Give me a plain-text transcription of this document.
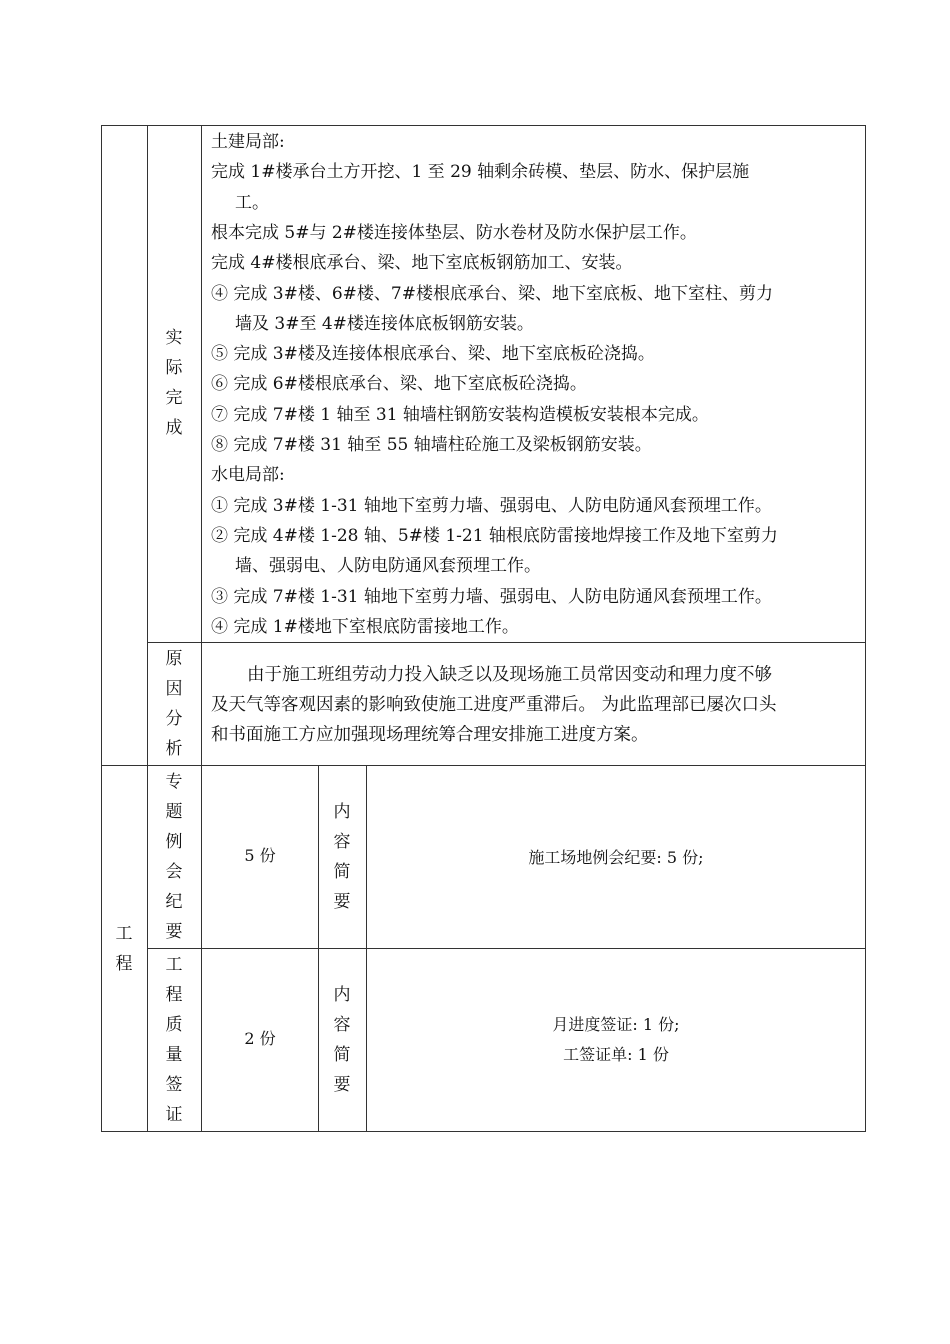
实
际
完
成
土建局部:
完成 1#楼承台土方开挖、1 至 29 轴剩余砖模、垫层、防水、保护层施
工。
根本完成 5#与 2#楼连接体垫层、防水卷材及防水保护层工作。
完成 4#楼根底承台、梁、地下室底板钢筋加工、安装。
④ 完成 3#楼、6#楼、7#楼根底承台、梁、地下室底板、地下室柱、剪力
墙及 3#至 4#楼连接体底板钢筋安装。
⑤ 完成 3#楼及连接体根底承台、梁、地下室底板砼浇捣。
⑥ 完成 6#楼根底承台、梁、地下室底板砼浇捣。
⑦ 完成 7#楼 1 轴至 31 轴墙柱钢筋安装构造模板安装根本完成。
⑧ 完成 7#楼 31 轴至 55 轴墙柱砼施工及梁板钢筋安装。
水电局部:
① 完成 3#楼 1-31 轴地下室剪力墙、强弱电、人防电防通风套预埋工作。
② 完成 4#楼 1-28 轴、5#楼 1-21 轴根底防雷接地焊接工作及地下室剪力
墙、强弱电、人防电防通风套预埋工作。
③ 完成 7#楼 1-31 轴地下室剪力墙、强弱电、人防电防通风套预埋工作。
④ 完成 1#楼地下室根底防雷接地工作。
原
因
分
析
由于施工班组劳动力投入缺乏以及现场施工员常因变动和理力度不够
及天气等客观因素的影响致使施工进度严重滞后。 为此监理部已屡次口头
和书面施工方应加强现场理统筹合理安排施工进度方案。
工
程
专
题
例
会
纪
要
5 份
内
容
简
要
施工场地例会纪要: 5 份;
工
程
质
量
签
证
2 份
内
容
简
要
月进度签证: 1 份;
工签证单: 1 份
